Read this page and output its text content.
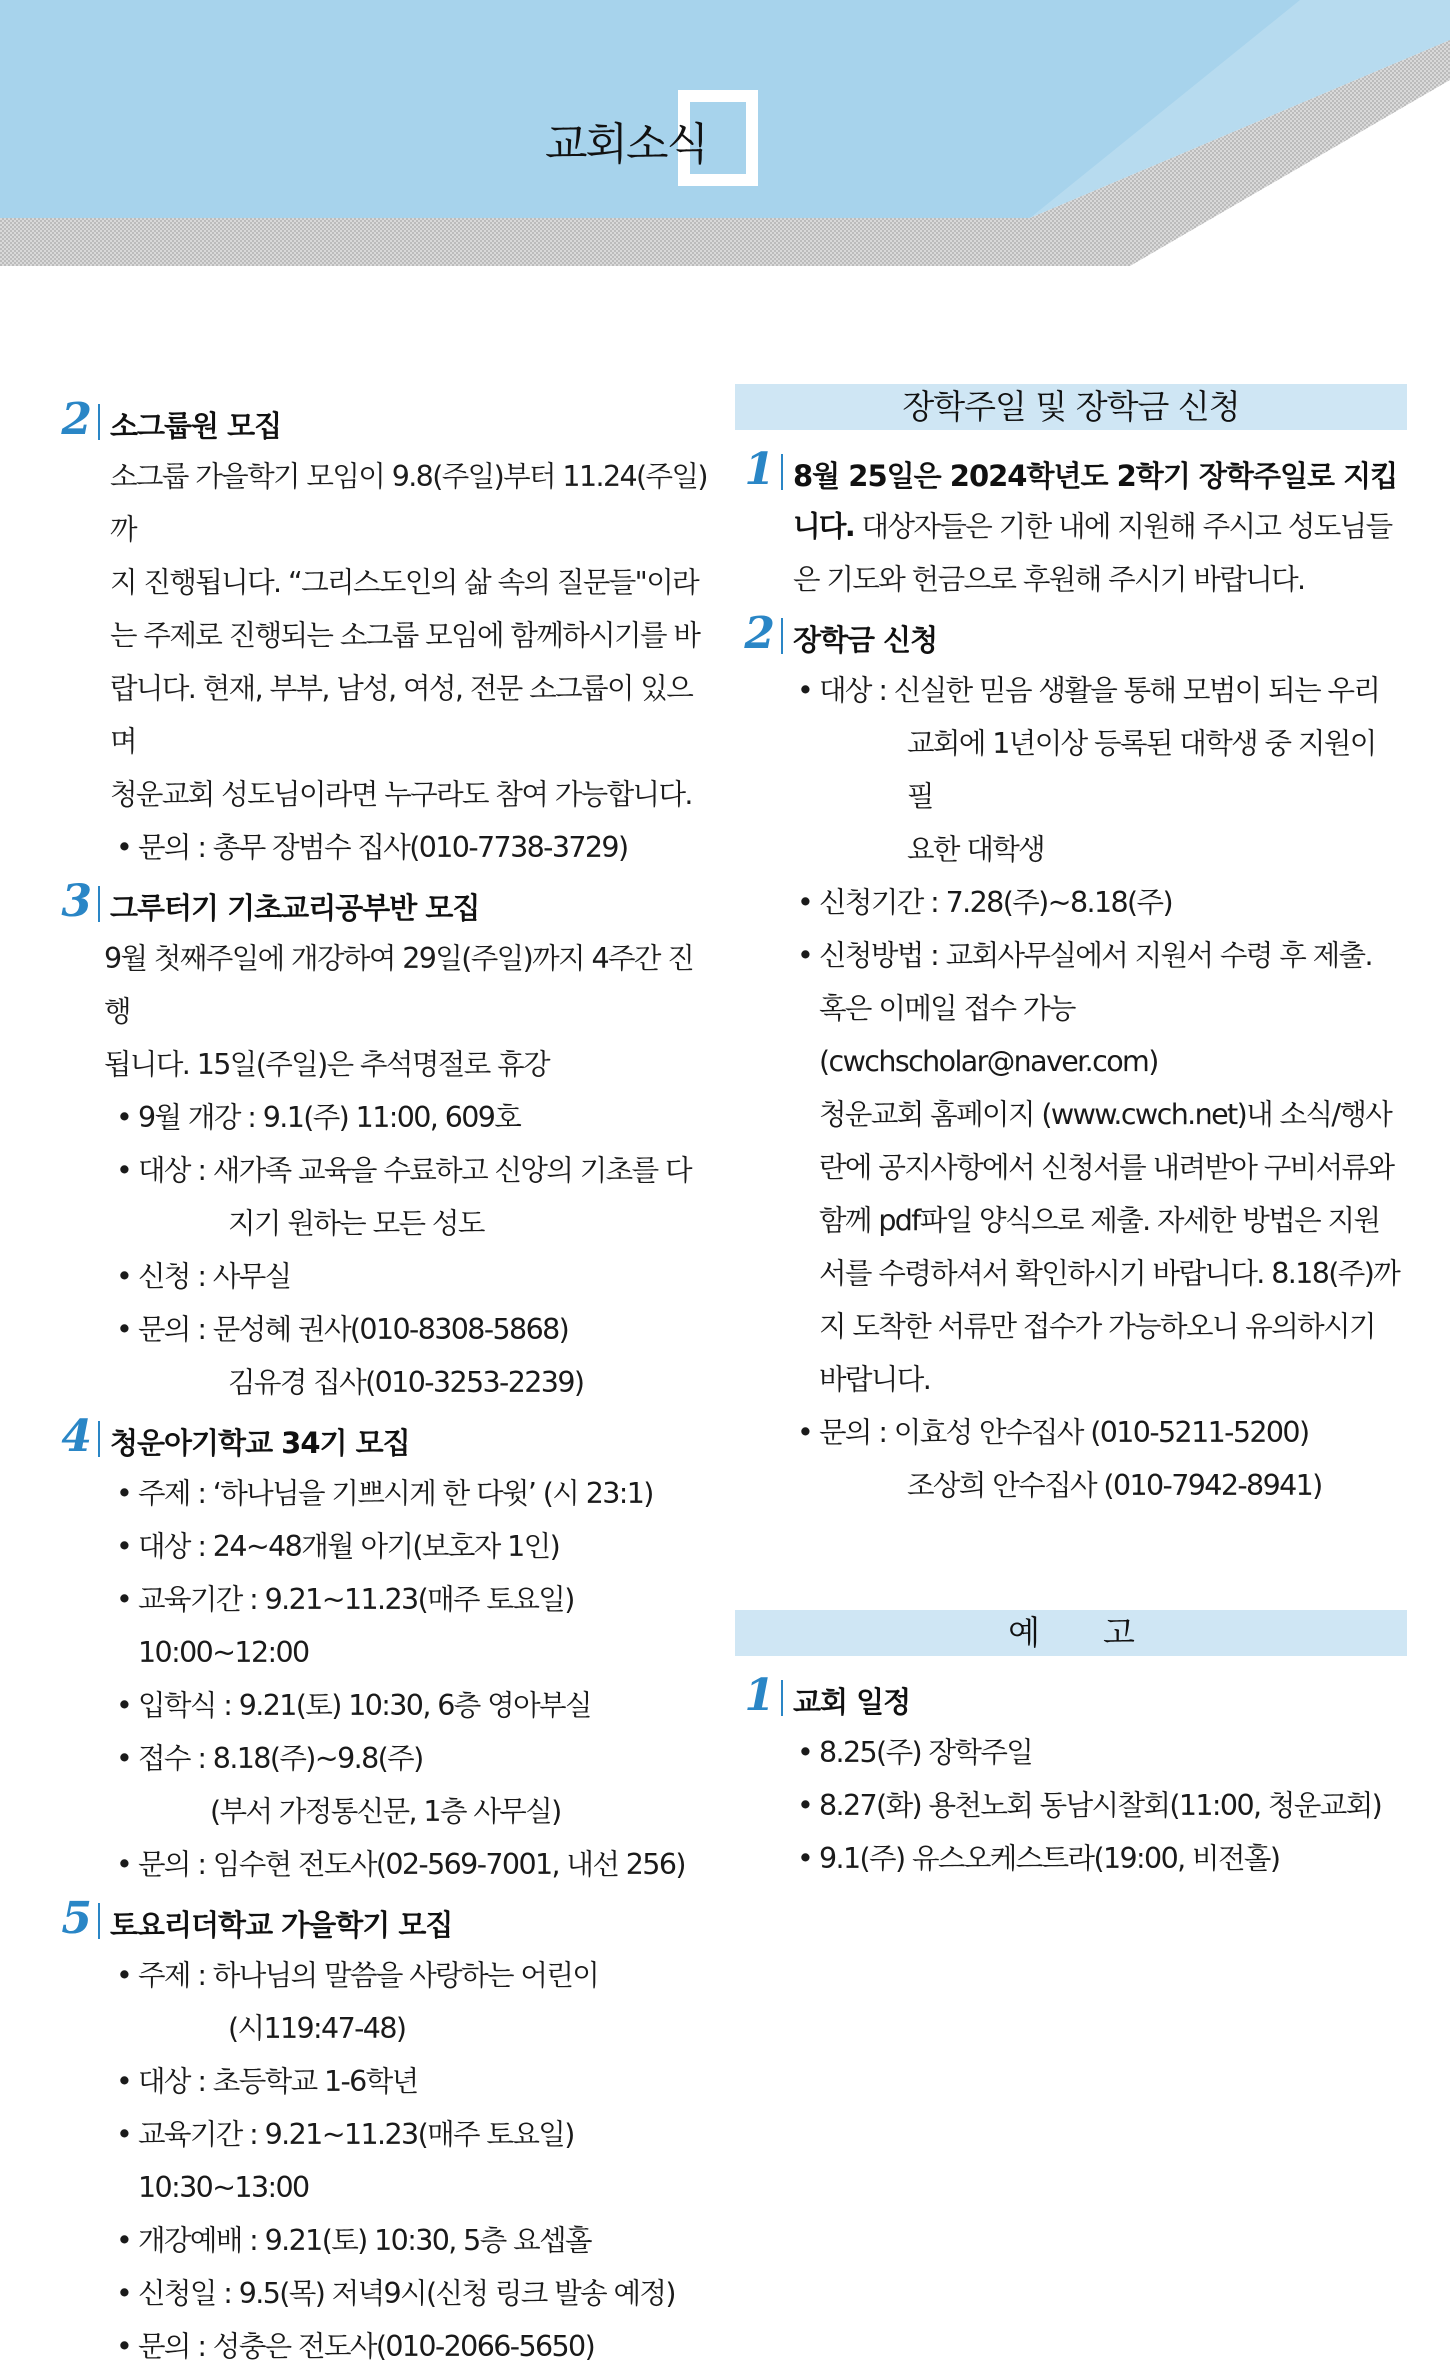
교회소식
2 소그룹원 모집
소그룹 가을학기 모임이 9.8(주일)부터 11.24(주일)까
지 진행됩니다. “그리스도인의 삶 속의 질문들"이라
는 주제로 진행되는 소그룹 모임에 함께하시기를 바
랍니다. 현재, 부부, 남성, 여성, 전문 소그룹이 있으며
청운교회 성도님이라면 누구라도 참여 가능합니다.
• 문의 : 총무 장범수 집사(010-7738-3729)
3 그루터기 기초교리공부반 모집
9월 첫째주일에 개강하여 29일(주일)까지 4주간 진행
됩니다. 15일(주일)은 추석명절로 휴강
• 9월 개강 : 9.1(주) 11:00, 609호
• 대상 : 새가족 교육을 수료하고 신앙의 기초를 다
지기 원하는 모든 성도
• 신청 : 사무실
• 문의 : 문성혜 권사(010-8308-5868)
김유경 집사(010-3253-2239)
4 청운아기학교 34기 모집
• 주제 : ‘하나님을 기쁘시게 한 다윗’ (시 23:1)
• 대상 : 24~48개월 아기(보호자 1인)
• 교육기간 : 9.21~11.23(매주 토요일) 10:00~12:00
• 입학식 : 9.21(토) 10:30, 6층 영아부실
• 접수 : 8.18(주)~9.8(주)
(부서 가정통신문, 1층 사무실)
• 문의 : 임수현 전도사(02-569-7001, 내선 256)
5 토요리더학교 가을학기 모집
• 주제 : 하나님의 말씀을 사랑하는 어린이
(시119:47-48)
• 대상 : 초등학교 1-6학년
• 교육기간 : 9.21~11.23(매주 토요일) 10:30~13:00
• 개강예배 : 9.21(토) 10:30, 5층 요셉홀
• 신청일 : 9.5(목) 저녁9시(신청 링크 발송 예정)
• 문의 : 성충은 전도사(010-2066-5650)
장학주일 및 장학금 신청
1 8월 25일은 2024학년도 2학기 장학주일로 지킵
니다. 대상자들은 기한 내에 지원해 주시고 성도님들
은 기도와 헌금으로 후원해 주시기 바랍니다.
2 장학금 신청
• 대상 : 신실한 믿음 생활을 통해 모범이 되는 우리
교회에 1년이상 등록된 대학생 중 지원이 필
요한 대학생
• 신청기간 : 7.28(주)~8.18(주)
• 신청방법 : 교회사무실에서 지원서 수령 후 제출.
혹은 이메일 접수 가능 (cwchscholar@naver.com)
청운교회 홈페이지 (www.cwch.net)내 소식/행사
란에 공지사항에서 신청서를 내려받아 구비서류와
함께 pdf파일 양식으로 제출. 자세한 방법은 지원
서를 수령하셔서 확인하시기 바랍니다. 8.18(주)까
지 도착한 서류만 접수가 가능하오니 유의하시기
바랍니다.
• 문의 : 이효성 안수집사 (010-5211-5200)
조상희 안수집사 (010-7942-8941)
예　　고
1 교회 일정
• 8.25(주) 장학주일
• 8.27(화) 용천노회 동남시찰회(11:00, 청운교회)
• 9.1(주) 유스오케스트라(19:00, 비전홀)
